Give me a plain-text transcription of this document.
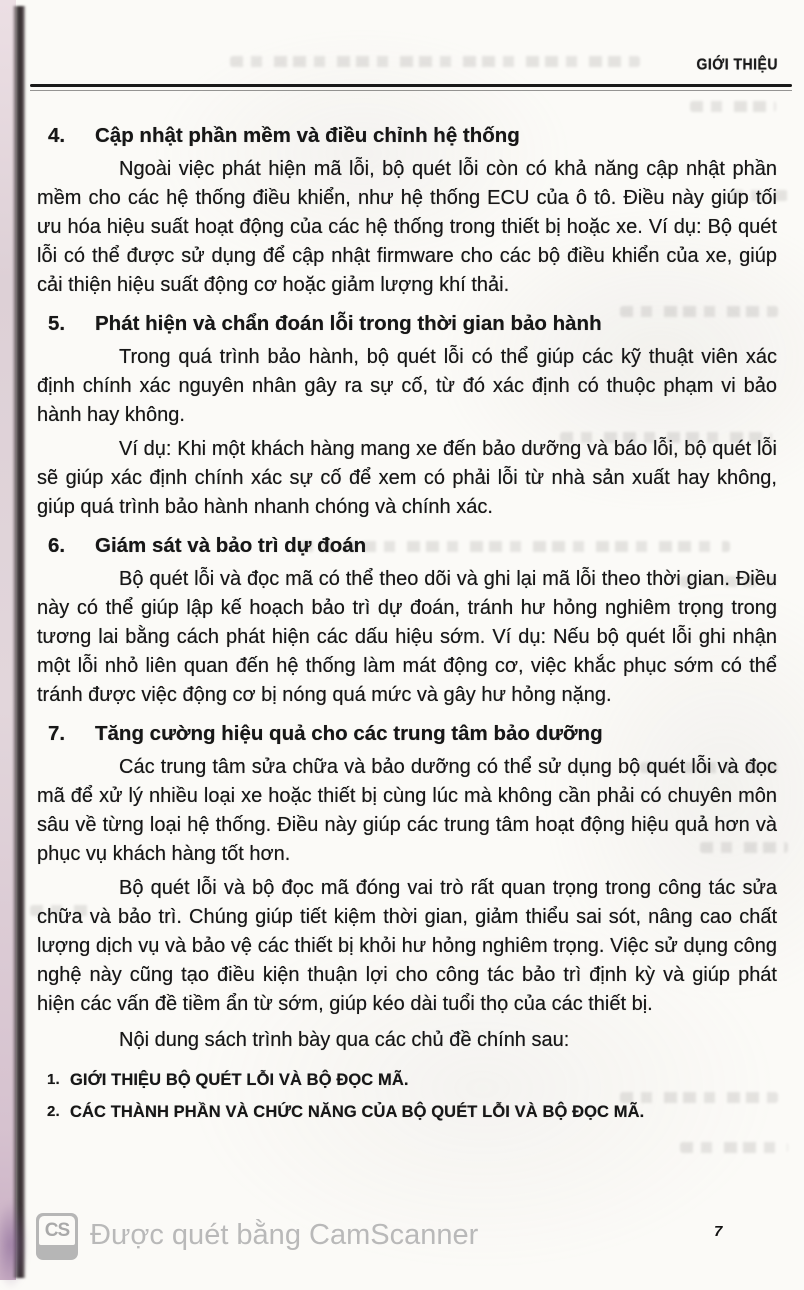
GIỚI THIỆU
4.	Cập nhật phần mềm và điều chỉnh hệ thống

Ngoài việc phát hiện mã lỗi, bộ quét lỗi còn có khả năng cập nhật phần mềm cho các hệ thống điều khiển, như hệ thống ECU của ô tô. Điều này giúp tối ưu hóa hiệu suất hoạt động của các hệ thống trong thiết bị hoặc xe. Ví dụ: Bộ quét lỗi có thể được sử dụng để cập nhật firmware cho các bộ điều khiển của xe, giúp cải thiện hiệu suất động cơ hoặc giảm lượng khí thải.

5.	Phát hiện và chẩn đoán lỗi trong thời gian bảo hành

Trong quá trình bảo hành, bộ quét lỗi có thể giúp các kỹ thuật viên xác định chính xác nguyên nhân gây ra sự cố, từ đó xác định có thuộc phạm vi bảo hành hay không.

Ví dụ: Khi một khách hàng mang xe đến bảo dưỡng và báo lỗi, bộ quét lỗi sẽ giúp xác định chính xác sự cố để xem có phải lỗi từ nhà sản xuất hay không, giúp quá trình bảo hành nhanh chóng và chính xác.

6.	Giám sát và bảo trì dự đoán

Bộ quét lỗi và đọc mã có thể theo dõi và ghi lại mã lỗi theo thời gian. Điều này có thể giúp lập kế hoạch bảo trì dự đoán, tránh hư hỏng nghiêm trọng trong tương lai bằng cách phát hiện các dấu hiệu sớm. Ví dụ: Nếu bộ quét lỗi ghi nhận một lỗi nhỏ liên quan đến hệ thống làm mát động cơ, việc khắc phục sớm có thể tránh được việc động cơ bị nóng quá mức và gây hư hỏng nặng.

7.	Tăng cường hiệu quả cho các trung tâm bảo dưỡng

Các trung tâm sửa chữa và bảo dưỡng có thể sử dụng bộ quét lỗi và đọc mã để xử lý nhiều loại xe hoặc thiết bị cùng lúc mà không cần phải có chuyên môn sâu về từng loại hệ thống. Điều này giúp các trung tâm hoạt động hiệu quả hơn và phục vụ khách hàng tốt hơn.

Bộ quét lỗi và bộ đọc mã đóng vai trò rất quan trọng trong công tác sửa chữa và bảo trì. Chúng giúp tiết kiệm thời gian, giảm thiểu sai sót, nâng cao chất lượng dịch vụ và bảo vệ các thiết bị khỏi hư hỏng nghiêm trọng. Việc sử dụng công nghệ này cũng tạo điều kiện thuận lợi cho công tác bảo trì định kỳ và giúp phát hiện các vấn đề tiềm ẩn từ sớm, giúp kéo dài tuổi thọ của các thiết bị.

Nội dung sách trình bày qua các chủ đề chính sau:

1. GIỚI THIỆU BỘ QUÉT LỖI VÀ BỘ ĐỌC MÃ.
2. CÁC THÀNH PHẦN VÀ CHỨC NĂNG CỦA BỘ QUÉT LỖI VÀ BỘ ĐỌC MÃ.
CS Được quét bằng CamScanner	7
